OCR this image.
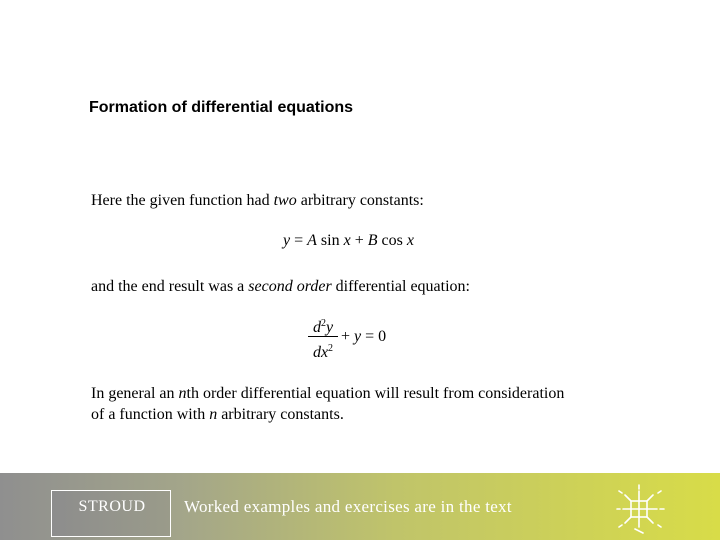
Formation of differential equations
Here the given function had two arbitrary constants:
y = A sin x + B cos x
and the end result was a second order differential equation:
$d^2y$
$dx^2$
+ y = 0
In general an nth order differential equation will result from consideration
of a function with n arbitrary constants.
STROUD	Worked examples and exercises are in the text
